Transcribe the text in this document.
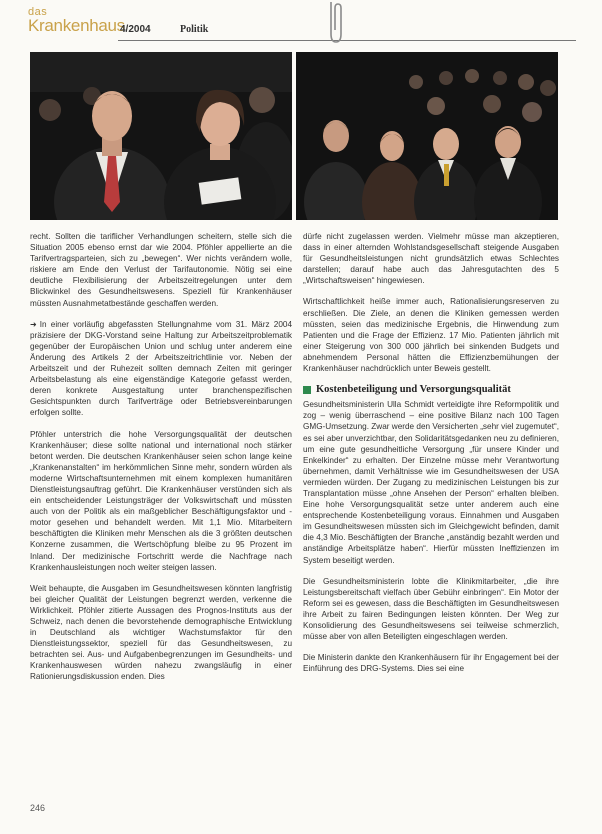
das
Krankenhaus
4/2004	Politik

recht. Sollten die tariflicher Verhandlungen scheitern, stelle sich die Situation 2005 ebenso ernst dar wie 2004. Pföhler appellierte an die Tarifvertragsparteien, sich zu „bewegen“. Wer nichts verändern wolle, riskiere am Ende den Verlust der Tarifautonomie. Nötig sei eine deutliche Flexibilisierung der Arbeitszeitregelungen unter dem Blickwinkel des Gesundheitswesens. Speziell für Krankenhäuser müssten Ausnahmetatbestände geschaffen werden.

➜ In einer vorläufig abgefassten Stellungnahme vom 31. März 2004 präzisiere der DKG-Vorstand seine Haltung zur Arbeitszeitproblematik gegenüber der Europäischen Union und schlug unter anderem eine Änderung des Artikels 2 der Arbeitszeitrichtlinie vor. Neben der Arbeitszeit und der Ruhezeit sollten demnach Zeiten mit geringer Arbeitsbelastung als eine eigenständige Kategorie gefasst werden, deren konkrete Ausgestaltung unter branchenspezifischen Gesichtspunkten durch Tarifverträge oder Betriebsvereinbarungen erfolgen sollte.

Pföhler unterstrich die hohe Versorgungsqualität der deutschen Krankenhäuser; diese sollte national und international noch stärker betont werden. Die deutschen Krankenhäuser seien schon lange keine „Krankenanstalten“ im herkömmlichen Sinne mehr, sondern würden als moderne Wirtschaftsunternehmen mit einem komplexen humanitären Dienstleistungsauftrag geführt. Die Krankenhäuser verstünden sich als ein entscheidender Leistungsträger der Volkswirtschaft und müssten auch von der Politik als ein maßgeblicher Beschäftigungsfaktor und -motor gesehen und behandelt werden. Mit 1,1 Mio. Mitarbeitern beschäftigten die Kliniken mehr Menschen als die 3 größten deutschen Konzerne zusammen, die Wertschöpfung bleibe zu 95 Prozent im Inland. Der medizinische Fortschritt werde die Nachfrage nach Krankenhausleistungen noch weiter steigen lassen.

Weit behaupte, die Ausgaben im Gesundheitswesen könnten langfristig bei gleicher Qualität der Leistungen begrenzt werden, verkenne die Wirklichkeit. Pföhler zitierte Aussagen des Prognos-Instituts aus der Schweiz, nach denen die bevorstehende demographische Entwicklung in Deutschland als wichtiger Wachstumsfaktor für den Dienstleistungssektor, speziell für das Gesundheitswesen, zu betrachten sei. Aus- und Aufgabenbegrenzungen im Gesundheits- und Krankenhauswesen würden nahezu zwangsläufig in einer Rationierungsdiskussion enden. Dies

dürfe nicht zugelassen werden. Vielmehr müsse man akzeptieren, dass in einer alternden Wohlstandsgesellschaft steigende Ausgaben für Gesundheitsleistungen nicht grundsätzlich etwas Schlechtes darstellen; darauf habe auch das Jahresgutachten des 5 „Wirtschaftsweisen“ hingewiesen.

Wirtschaftlichkeit heiße immer auch, Rationalisierungsreserven zu erschließen. Die Ziele, an denen die Kliniken gemessen werden müssten, seien das medizinische Ergebnis, die Hinwendung zum Patienten und die Frage der Effizienz. 17 Mio. Patienten jährlich mit einer Steigerung von 300 000 jährlich bei sinkenden Budgets und abnehmendem Personal hätten die Effizienzbemühungen der Krankenhäuser nachdrücklich unter Beweis gestellt.

Kostenbeteiligung und Versorgungsqualität

Gesundheitsministerin Ulla Schmidt verteidigte ihre Reformpolitik und zog – wenig überraschend – eine positive Bilanz nach 100 Tagen GMG-Umsetzung. Zwar werde den Versicherten „sehr viel zugemutet“, es sei aber unverzichtbar, den Solidaritätsgedanken neu zu definieren, um eine gute gesundheitliche Versorgung „für unsere Kinder und Enkelkinder“ zu erhalten. Der Einzelne müsse mehr Verantwortung übernehmen, damit Verhältnisse wie im Gesundheitswesen der USA vermieden würden. Der Zugang zu medizinischen Leistungen bis zur Transplantation müsse „ohne Ansehen der Person“ erhalten bleiben. Eine hohe Versorgungsqualität setze unter anderem auch eine entsprechende Kostenbeteiligung voraus. Einnahmen und Ausgaben im Gesundheitswesen müssten sich im Gleichgewicht befinden, damit die 4,3 Mio. Beschäftigten der Branche „anständig bezahlt werden und anständige Arbeitsplätze haben“. Hierfür müssten Ineffizienzen im System beseitigt werden.

Die Gesundheitsministerin lobte die Klinikmitarbeiter, „die ihre Leistungsbereitschaft vielfach über Gebühr einbringen“. Ein Motor der Reform sei es gewesen, dass die Beschäftigten im Gesundheitswesen ihre Arbeit zu fairen Bedingungen leisten könnten. Der Weg zur Konsolidierung des Gesundheitswesens sei teilweise schmerzlich, müsse aber von allen Beteiligten eingeschlagen werden.

Die Ministerin dankte den Krankenhäusern für ihr Engagement bei der Einführung des DRG-Systems. Dies sei eine

246
